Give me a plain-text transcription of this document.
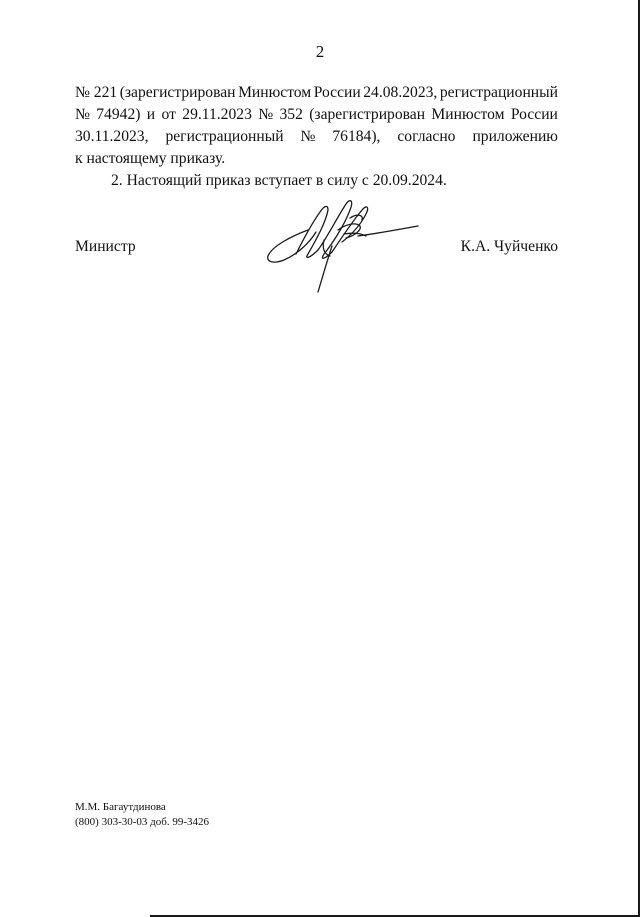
2
№ 221 (зарегистрирован Минюстом России 24.08.2023, регистрационный
№ 74942) и от 29.11.2023 № 352 (зарегистрирован Минюстом России
30.11.2023, регистрационный № 76184), согласно приложению
к настоящему приказу.
2. Настоящий приказ вступает в силу с 20.09.2024.
Министр	К.А. Чуйченко
М.М. Багаутдинова
(800) 303-30-03 доб. 99-3426
